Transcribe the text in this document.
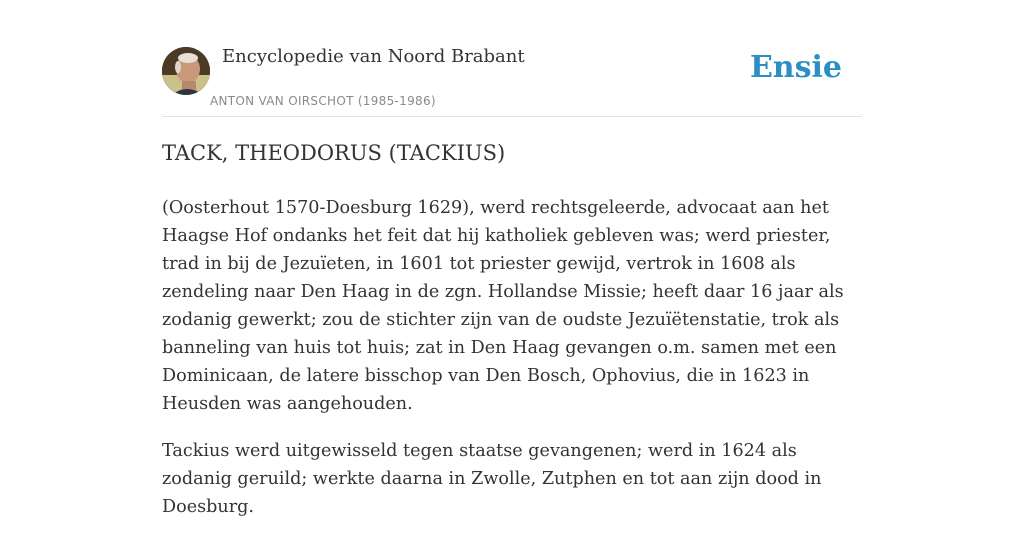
Encyclopedie van Noord Brabant
ANTON VAN OIRSCHOT (1985-1986)
Ensie
TACK, THEODORUS (TACKIUS)

(Oosterhout 1570-Doesburg 1629), werd rechtsgeleerde, advocaat aan het Haagse Hof ondanks het feit dat hij katholiek gebleven was; werd priester, trad in bij de Jezuïeten, in 1601 tot priester gewijd, vertrok in 1608 als zendeling naar Den Haag in de zgn. Hollandse Missie; heeft daar 16 jaar als zodanig gewerkt; zou de stichter zijn van de oudste Jezuïëtenstatie, trok als banneling van huis tot huis; zat in Den Haag gevangen o.m. samen met een Dominicaan, de latere bisschop van Den Bosch, Ophovius, die in 1623 in Heusden was aangehouden.

Tackius werd uitgewisseld tegen staatse gevangenen; werd in 1624 als zodanig geruild; werkte daarna in Zwolle, Zutphen en tot aan zijn dood in Doesburg.
